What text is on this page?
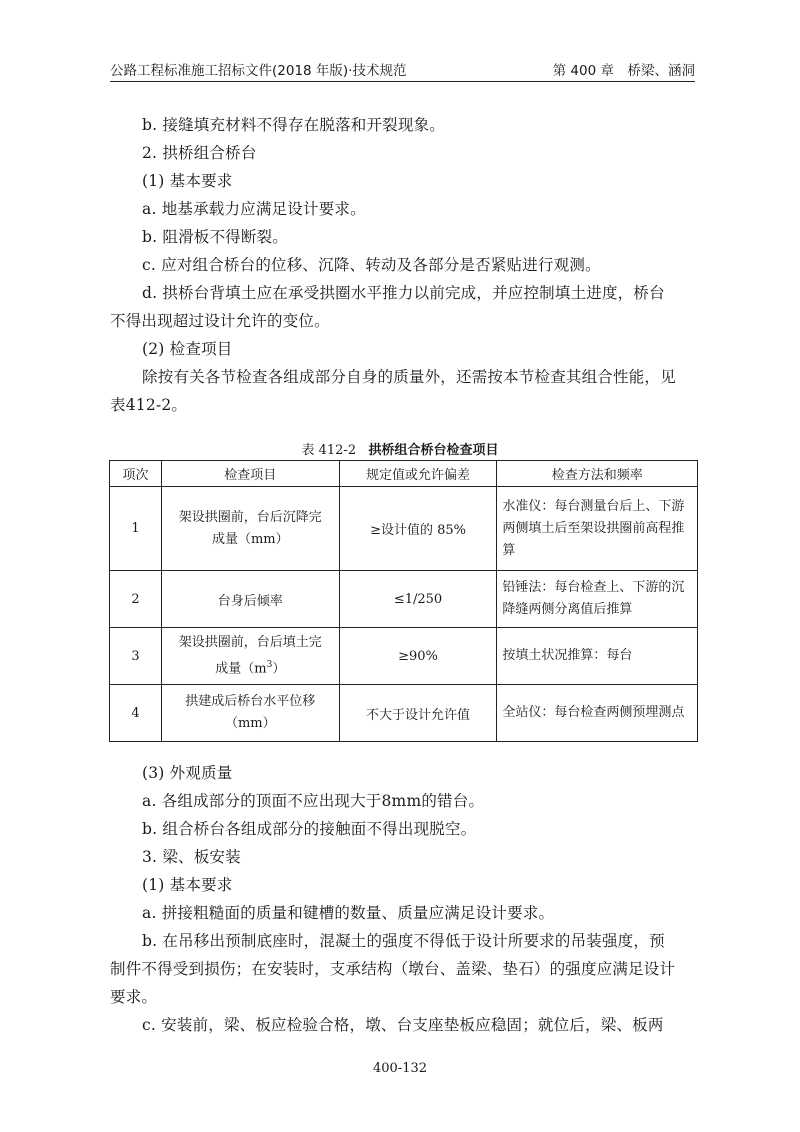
公路工程标准施工招标文件(2018 年版)·技术规范	第 400 章　桥梁、涵洞
b. 接缝填充材料不得存在脱落和开裂现象。
2. 拱桥组合桥台
(1) 基本要求
a. 地基承载力应满足设计要求。
b. 阻滑板不得断裂。
c. 应对组合桥台的位移、沉降、转动及各部分是否紧贴进行观测。
d. 拱桥台背填土应在承受拱圈水平推力以前完成，并应控制填土进度，桥台
不得出现超过设计允许的变位。
(2) 检查项目
除按有关各节检查各组成部分自身的质量外，还需按本节检查其组合性能，见
表412-2。
表 412-2 拱桥组合桥台检查项目
项次	检查项目	规定值或允许偏差	检查方法和频率
1	架设拱圈前，台后沉降完成量（mm）	≥设计值的 85%	水准仪：每台测量台后上、下游两侧填土后至架设拱圈前高程推算
2	台身后倾率	≤1/250	铅锤法：每台检查上、下游的沉降缝两侧分离值后推算
3	架设拱圈前，台后填土完成量$(m^3)$	≥90%	按填土状况推算：每台
4	拱建成后桥台水平位移（mm）	不大于设计允许值	全站仪：每台检查两侧预埋测点
(3) 外观质量
a. 各组成部分的顶面不应出现大于8mm的错台。
b. 组合桥台各组成部分的接触面不得出现脱空。
3. 梁、板安装
(1) 基本要求
a. 拼接粗糙面的质量和键槽的数量、质量应满足设计要求。
b. 在吊移出预制底座时，混凝土的强度不得低于设计所要求的吊装强度，预
制件不得受到损伤；在安装时，支承结构（墩台、盖梁、垫石）的强度应满足设计
要求。
c. 安装前，梁、板应检验合格，墩、台支座垫板应稳固；就位后，梁、板两
400-132
